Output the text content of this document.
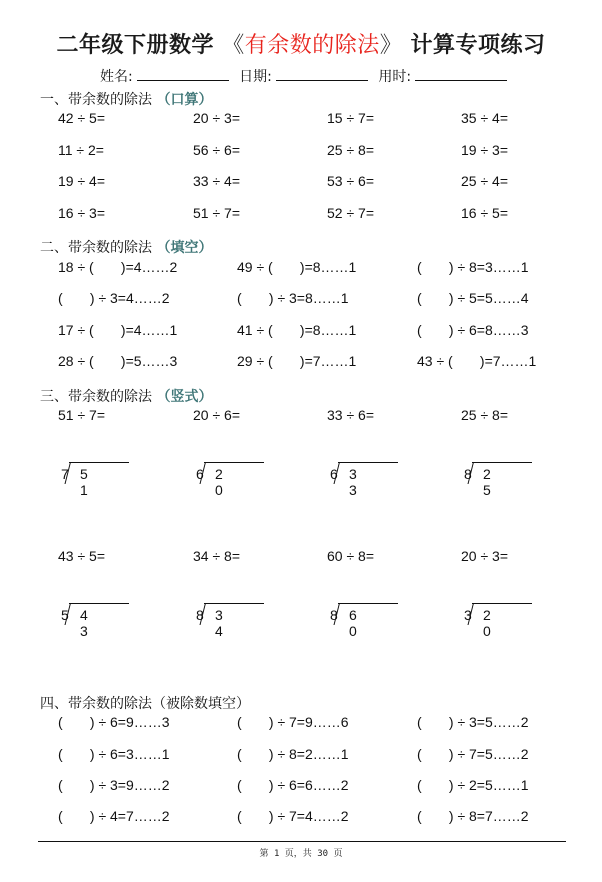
二年级下册数学 《有余数的除法》 计算专项练习
姓名:	日期:	用时:
一、带余数的除法 （口算）
42 ÷ 5=	20 ÷ 3=	15 ÷ 7=	35 ÷ 4=
11 ÷ 2=	56 ÷ 6=	25 ÷ 8=	19 ÷ 3=
19 ÷ 4=	33 ÷ 4=	53 ÷ 6=	25 ÷ 4=
16 ÷ 3=	51 ÷ 7=	52 ÷ 7=	16 ÷ 5=
二、带余数的除法 （填空）
18 ÷ (       )=4……2	49 ÷ (       )=8……1	(       ) ÷ 8=3……1
(       ) ÷ 3=4……2	(       ) ÷ 3=8……1	(       ) ÷ 5=5……4
17 ÷ (       )=4……1	41 ÷ (       )=8……1	(       ) ÷ 6=8……3
28 ÷ (       )=5……3	29 ÷ (       )=7……1	43 ÷ (       )=7……1
三、带余数的除法 （竖式）
51 ÷ 7=
7 5 1
20 ÷ 6=
6 2 0
33 ÷ 6=
6 3 3
25 ÷ 8=
8 2 5
43 ÷ 5=
5 4 3
34 ÷ 8=
8 3 4
60 ÷ 8=
8 6 0
20 ÷ 3=
3 2 0
四、带余数的除法（被除数填空）
(       ) ÷ 6=9……3	(       ) ÷ 7=9……6	(       ) ÷ 3=5……2
(       ) ÷ 6=3……1	(       ) ÷ 8=2……1	(       ) ÷ 7=5……2
(       ) ÷ 3=9……2	(       ) ÷ 6=6……2	(       ) ÷ 2=5……1
(       ) ÷ 4=7……2	(       ) ÷ 7=4……2	(       ) ÷ 8=7……2
第 1 页，共 30 页
